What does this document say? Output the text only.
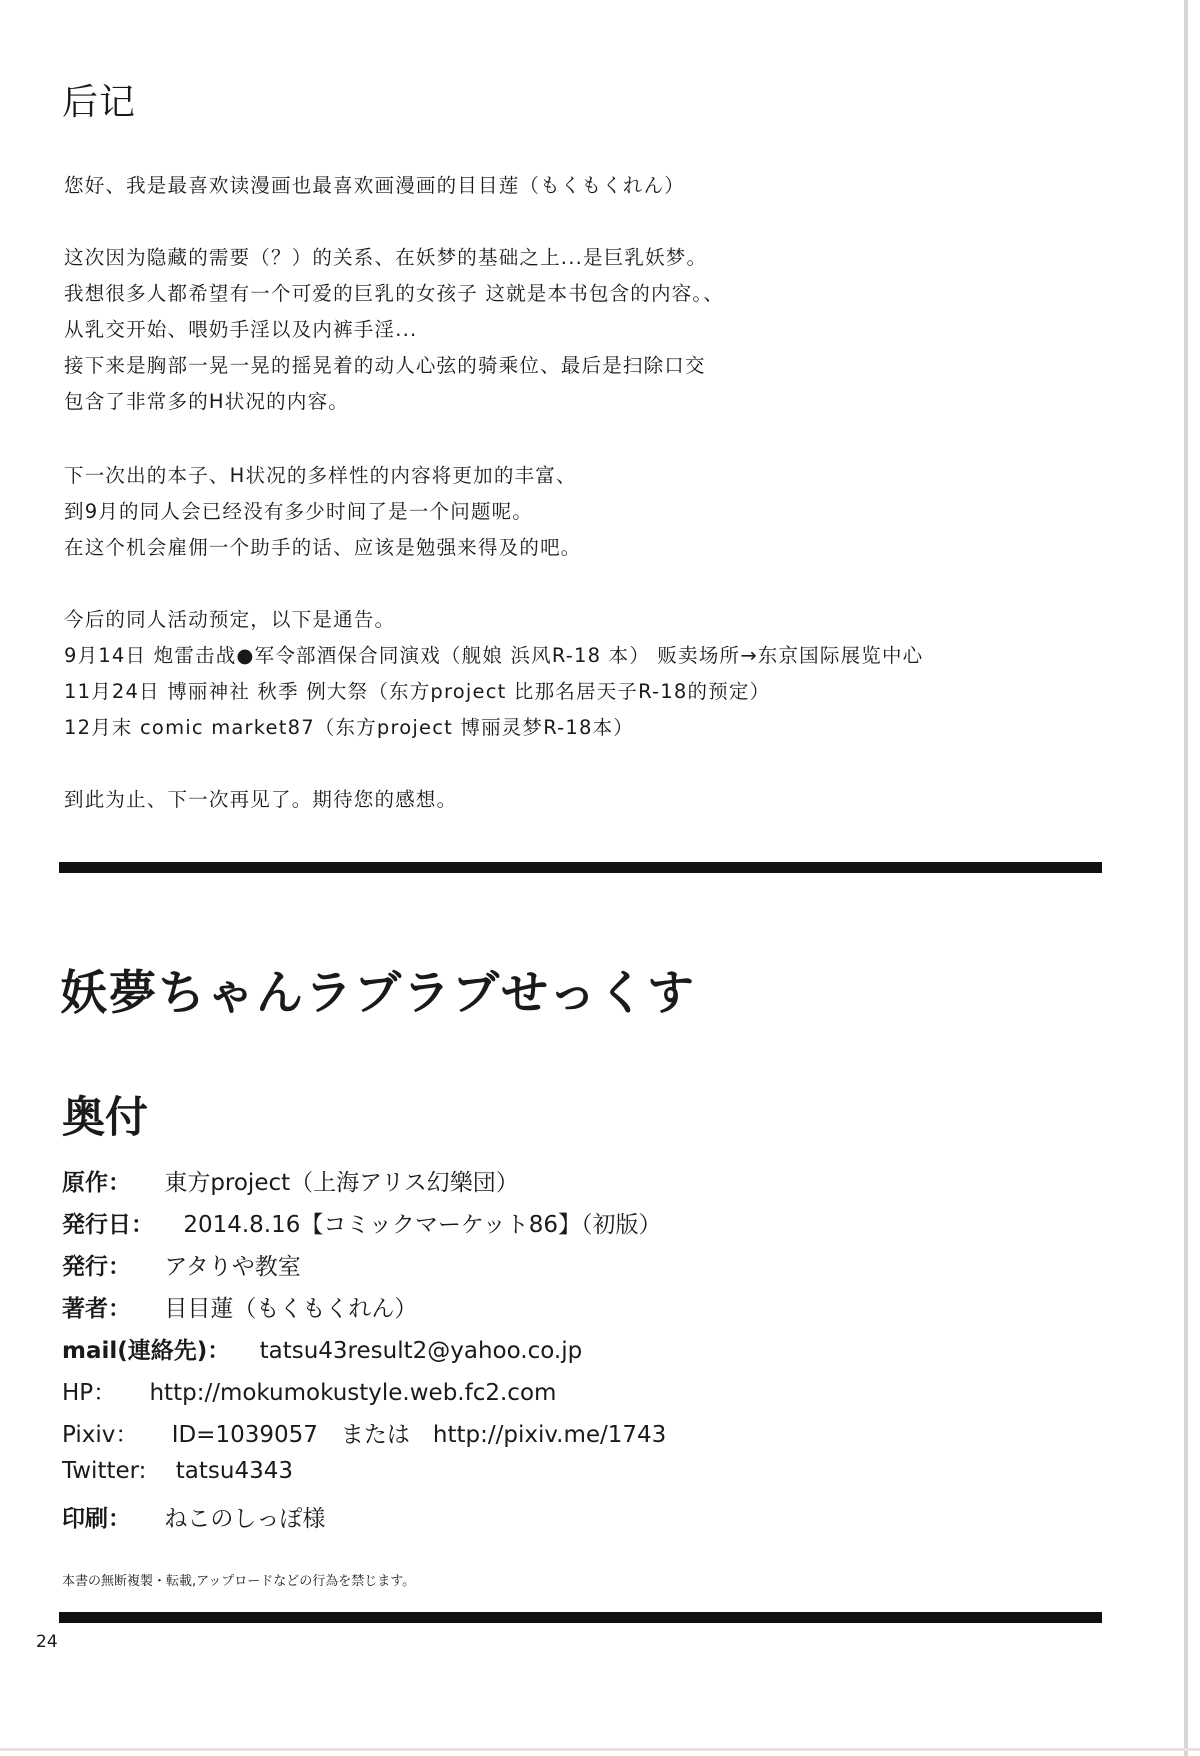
后记

您好、我是最喜欢读漫画也最喜欢画漫画的目目莲（もくもくれん）

这次因为隐藏的需要（？）的关系、在妖梦的基础之上...是巨乳妖梦。

我想很多人都希望有一个可爱的巨乳的女孩子 这就是本书包含的内容。、

从乳交开始、喂奶手淫以及内裤手淫...

接下来是胸部一晃一晃的摇晃着的动人心弦的骑乘位、最后是扫除口交

包含了非常多的H状况的内容。

下一次出的本子、H状况的多样性的内容将更加的丰富、

到9月的同人会已经没有多少时间了是一个问题呢。

在这个机会雇佣一个助手的话、应该是勉强来得及的吧。

今后的同人活动预定，以下是通告。

9月14日 炮雷击战●军令部酒保合同演戏（舰娘 浜风R-18 本） 贩卖场所→东京国际展览中心

11月24日 博丽神社 秋季 例大祭（东方project 比那名居天子R-18的预定）

12月末 comic market87（东方project 博丽灵梦R-18本）

到此为止、下一次再见了。期待您的感想。

妖夢ちゃんラブラブせっくす
奥付

原作： 東方project（上海アリス幻樂団）

発行日： 2014.8.16【コミックマーケット86】（初版）

発行： アタりや教室

著者： 目目蓮（もくもくれん）

mail(連絡先)： tatsu43result2@yahoo.co.jp

HP： http://mokumokustyle.web.fc2.com

Pixiv： ID=1039057　または　http://pixiv.me/1743

Twitter: tatsu4343

印刷： ねこのしっぽ様

本書の無断複製・転載,アップロードなどの行為を禁じます。

24
